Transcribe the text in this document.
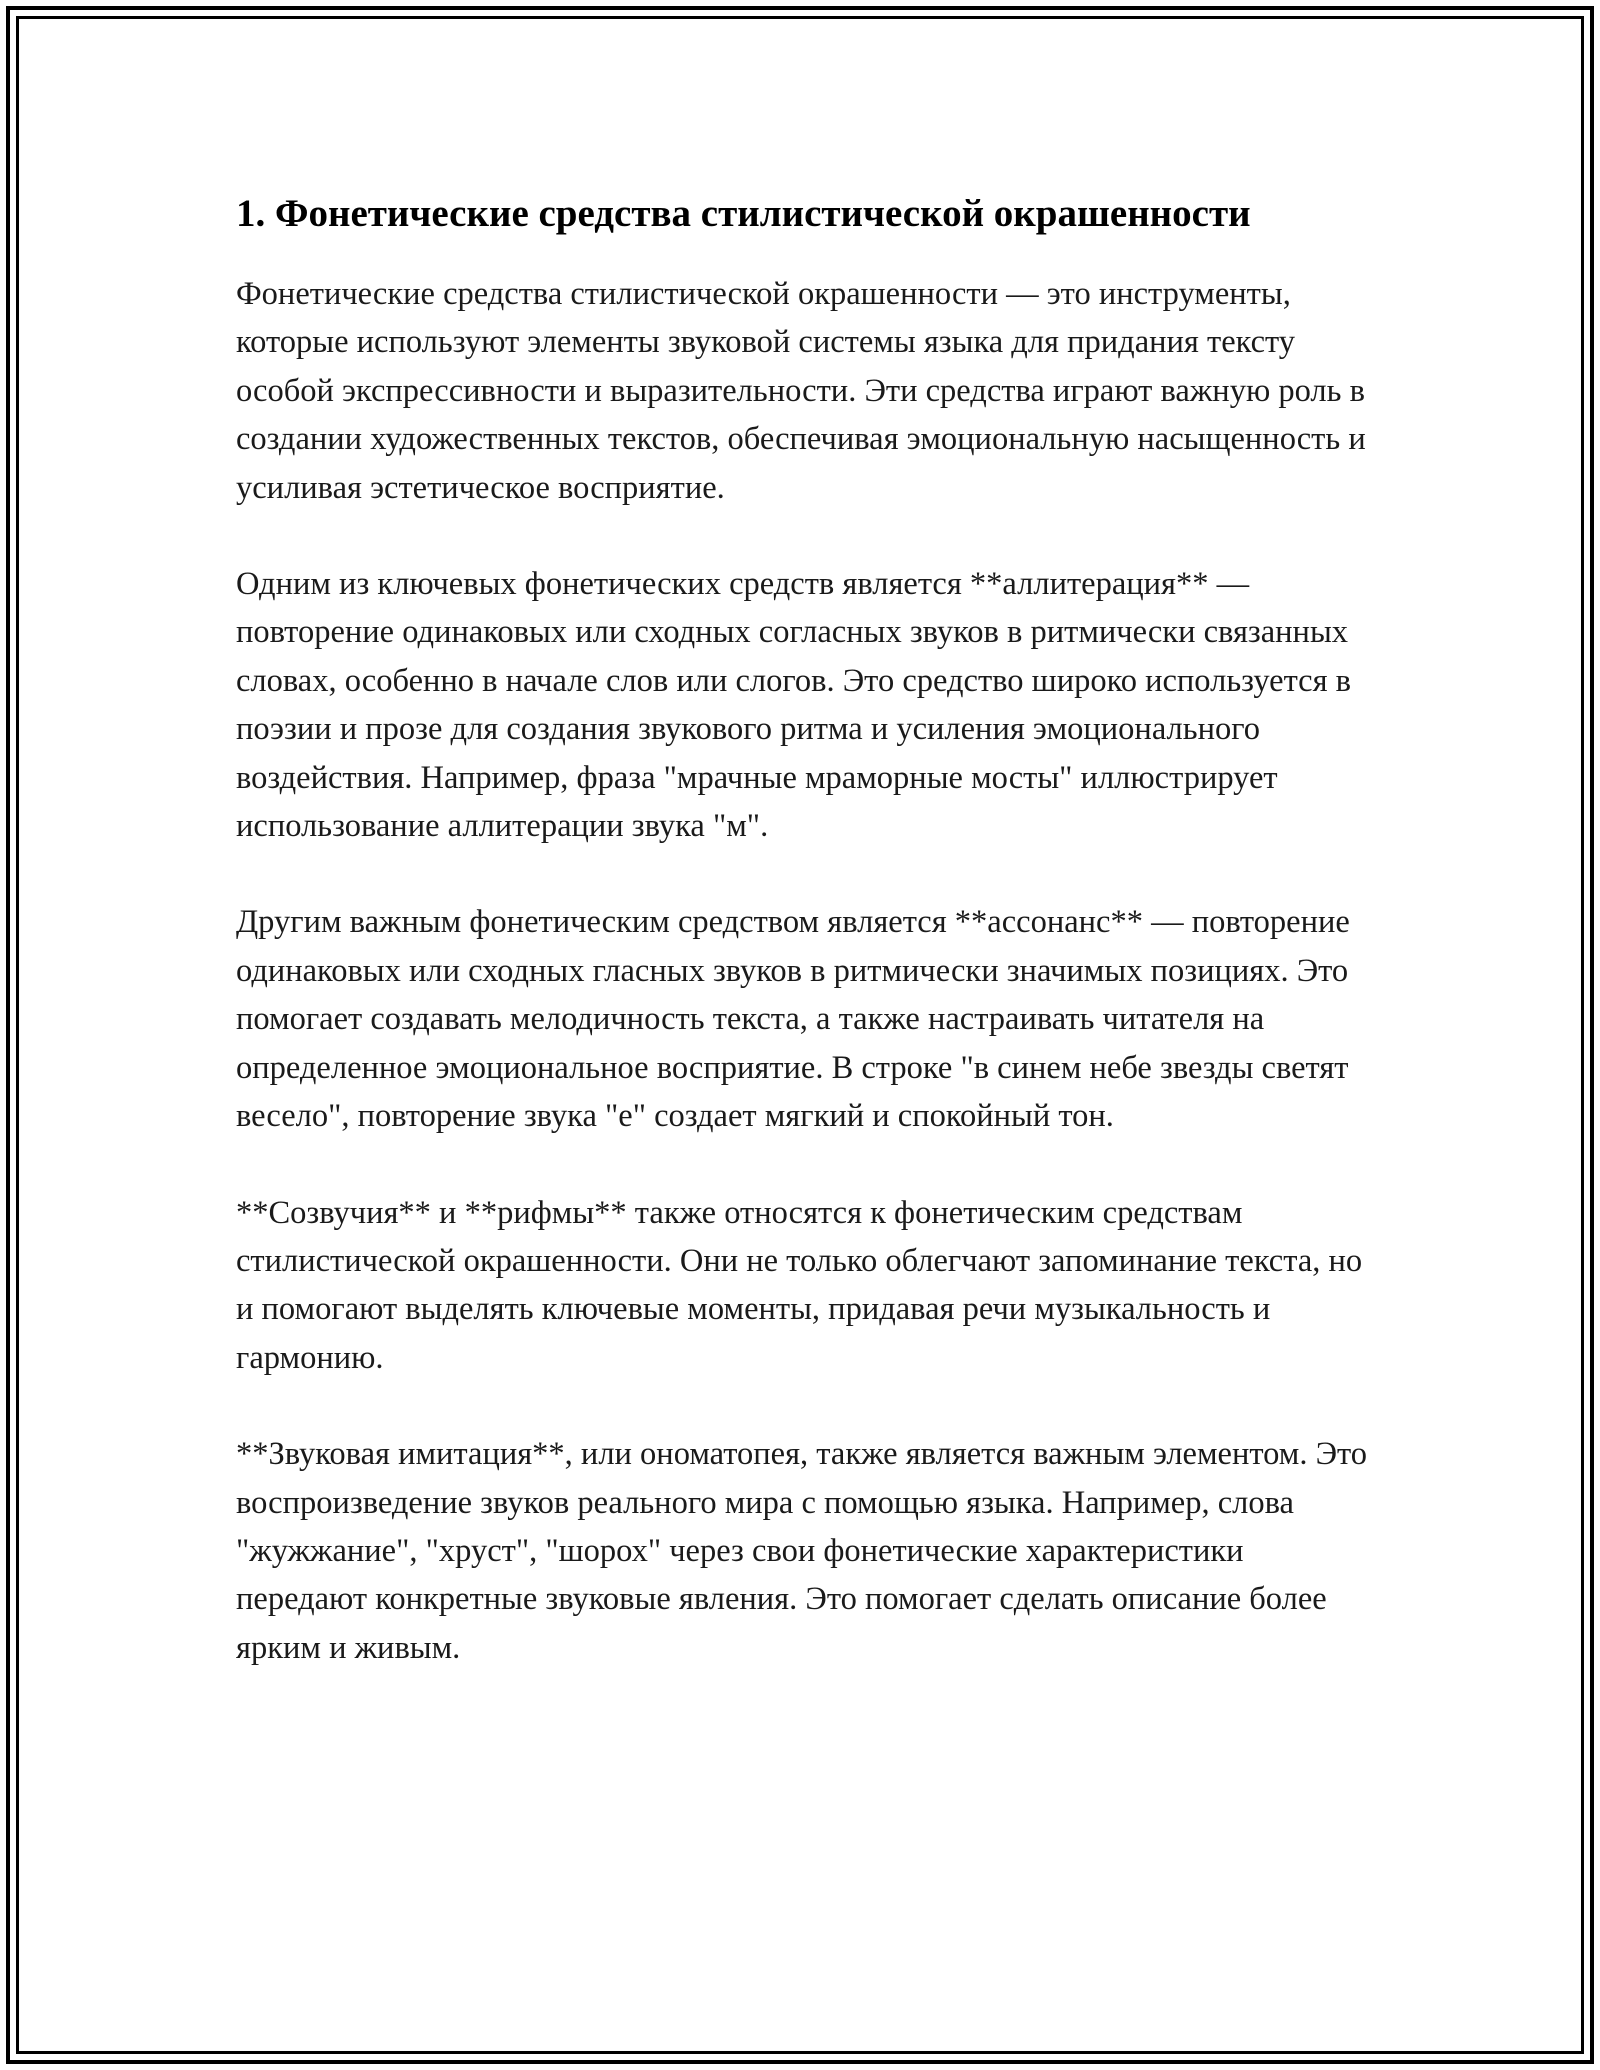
1. Фонетические средства стилистической окрашенности

Фонетические средства стилистической окрашенности — это инструменты, которые используют элементы звуковой системы языка для придания тексту особой экспрессивности и выразительности. Эти средства играют важную роль в создании художественных текстов, обеспечивая эмоциональную насыщенность и усиливая эстетическое восприятие.

Одним из ключевых фонетических средств является **аллитерация** — повторение одинаковых или сходных согласных звуков в ритмически связанных словах, особенно в начале слов или слогов. Это средство широко используется в поэзии и прозе для создания звукового ритма и усиления эмоционального воздействия. Например, фраза "мрачные мраморные мосты" иллюстрирует использование аллитерации звука "м".

Другим важным фонетическим средством является **ассонанс** — повторение одинаковых или сходных гласных звуков в ритмически значимых позициях. Это помогает создавать мелодичность текста, а также настраивать читателя на определенное эмоциональное восприятие. В строке "в синем небе звезды светят весело", повторение звука "е" создает мягкий и спокойный тон.

**Созвучия** и **рифмы** также относятся к фонетическим средствам стилистической окрашенности. Они не только облегчают запоминание текста, но и помогают выделять ключевые моменты, придавая речи музыкальность и гармонию.

**Звуковая имитация**, или ономатопея, также является важным элементом. Это воспроизведение звуков реального мира с помощью языка. Например, слова "жужжание", "хруст", "шорох" через свои фонетические характеристики передают конкретные звуковые явления. Это помогает сделать описание более ярким и живым.
